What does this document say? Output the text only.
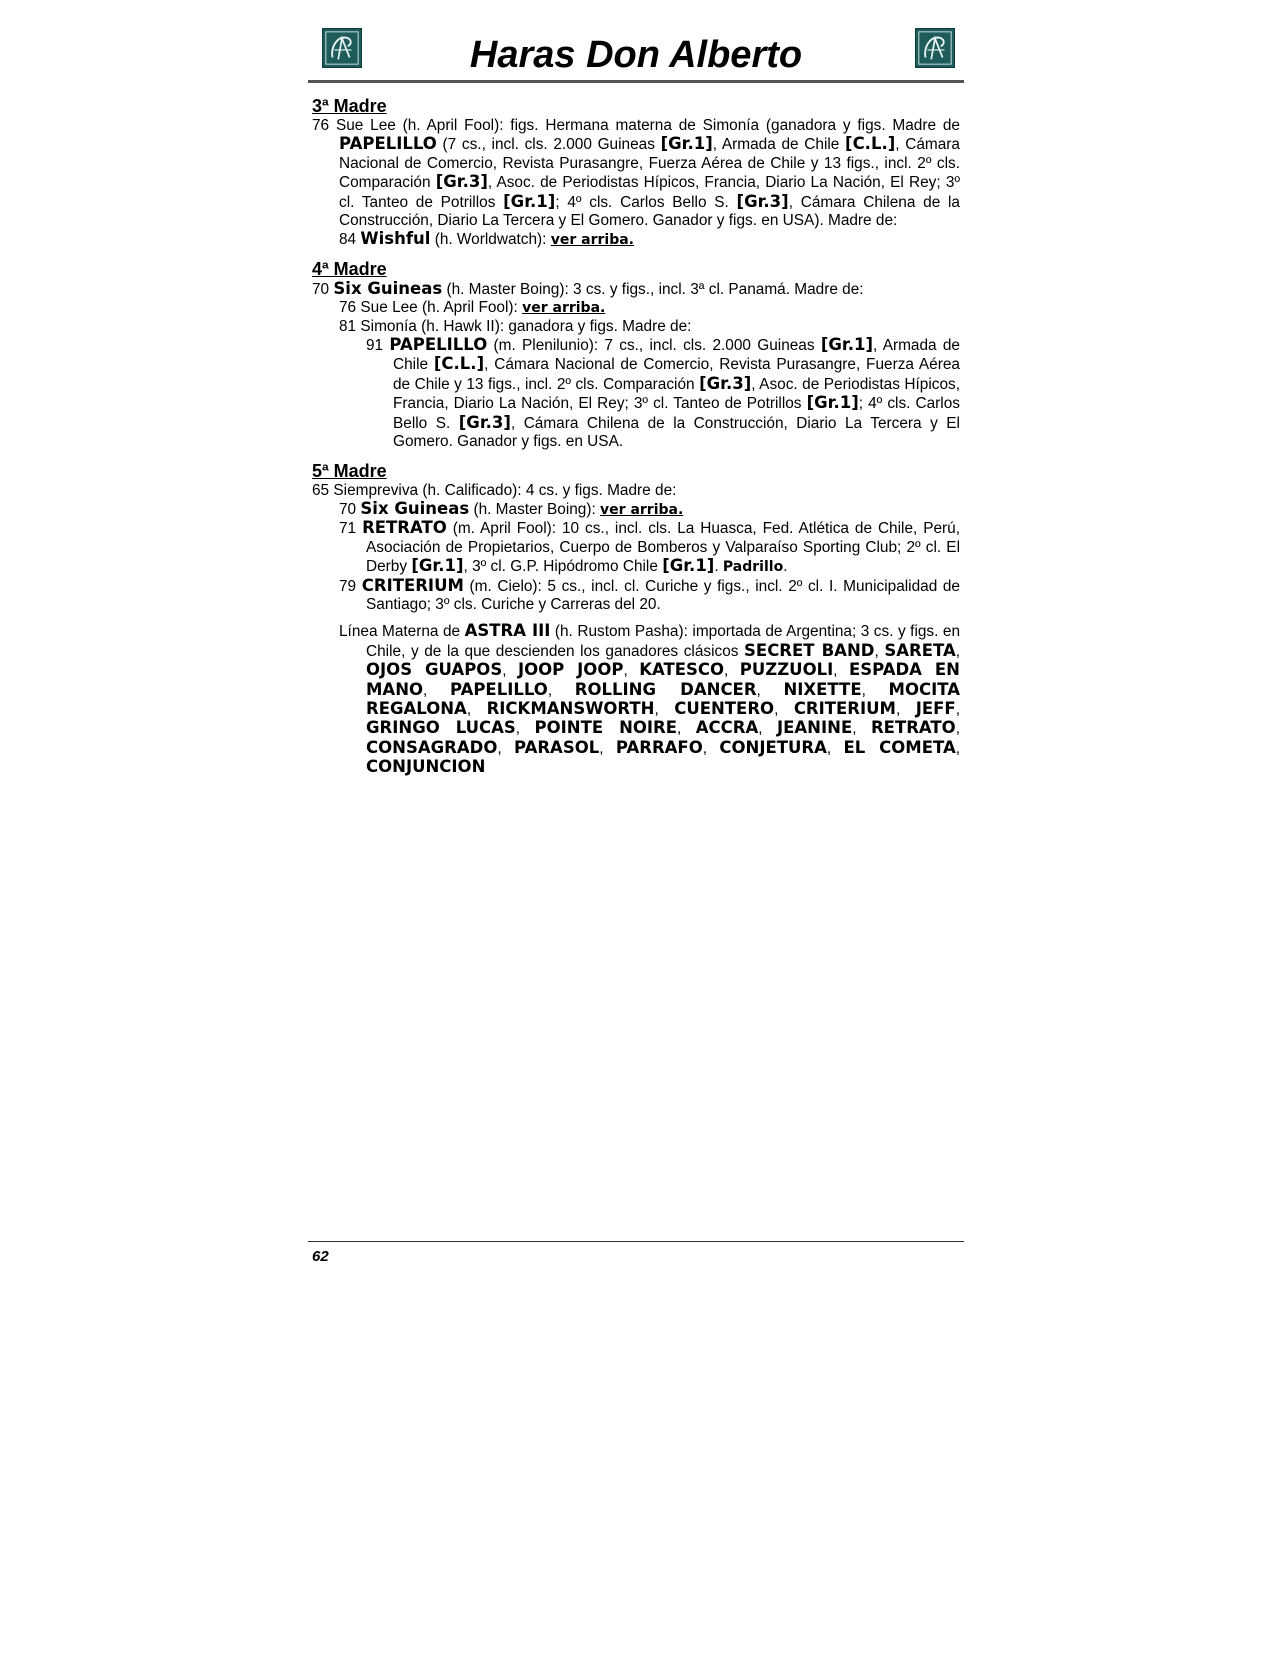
Haras Don Alberto
3ª Madre
76 Sue Lee (h. April Fool): figs. Hermana materna de Simonía (ganadora y figs. Madre de PAPELILLO (7 cs., incl. cls. 2.000 Guineas [Gr.1], Armada de Chile [C.L.], Cámara Nacional de Comercio, Revista Purasangre, Fuerza Aérea de Chile y 13 figs., incl. 2º cls. Comparación [Gr.3], Asoc. de Periodistas Hípicos, Francia, Diario La Nación, El Rey; 3º cl. Tanteo de Potrillos [Gr.1]; 4º cls. Carlos Bello S. [Gr.3], Cámara Chilena de la Construcción, Diario La Tercera y El Gomero. Ganador y figs. en USA). Madre de:
84 Wishful (h. Worldwatch): ver arriba.
4ª Madre
70 Six Guineas (h. Master Boing): 3 cs. y figs., incl. 3ª cl. Panamá. Madre de:
76 Sue Lee (h. April Fool): ver arriba.
81 Simonía (h. Hawk II): ganadora y figs. Madre de:
91 PAPELILLO (m. Plenilunio): 7 cs., incl. cls. 2.000 Guineas [Gr.1], Armada de Chile [C.L.], Cámara Nacional de Comercio, Revista Purasangre, Fuerza Aérea de Chile y 13 figs., incl. 2º cls. Comparación [Gr.3], Asoc. de Periodistas Hípicos, Francia, Diario La Nación, El Rey; 3º cl. Tanteo de Potrillos [Gr.1]; 4º cls. Carlos Bello S. [Gr.3], Cámara Chilena de la Construcción, Diario La Tercera y El Gomero. Ganador y figs. en USA.
5ª Madre
65 Siempreviva (h. Calificado): 4 cs. y figs. Madre de:
70 Six Guineas (h. Master Boing): ver arriba.
71 RETRATO (m. April Fool): 10 cs., incl. cls. La Huasca, Fed. Atlética de Chile, Perú, Asociación de Propietarios, Cuerpo de Bomberos y Valparaíso Sporting Club; 2º cl. El Derby [Gr.1], 3º cl. G.P. Hipódromo Chile [Gr.1]. Padrillo.
79 CRITERIUM (m. Cielo): 5 cs., incl. cl. Curiche y figs., incl. 2º cl. I. Municipalidad de Santiago; 3º cls. Curiche y Carreras del 20.
Línea Materna de ASTRA III (h. Rustom Pasha): importada de Argentina; 3 cs. y figs. en Chile, y de la que descienden los ganadores clásicos SECRET BAND, SARETA, OJOS GUAPOS, JOOP JOOP, KATESCO, PUZZUOLI, ESPADA EN MANO, PAPELILLO, ROLLING DANCER, NIXETTE, MOCITA REGALONA, RICKMANSWORTH, CUENTERO, CRITERIUM, JEFF, GRINGO LUCAS, POINTE NOIRE, ACCRA, JEANINE, RETRATO, CONSAGRADO, PARASOL, PARRAFO, CONJETURA, EL COMETA, CONJUNCION
62
